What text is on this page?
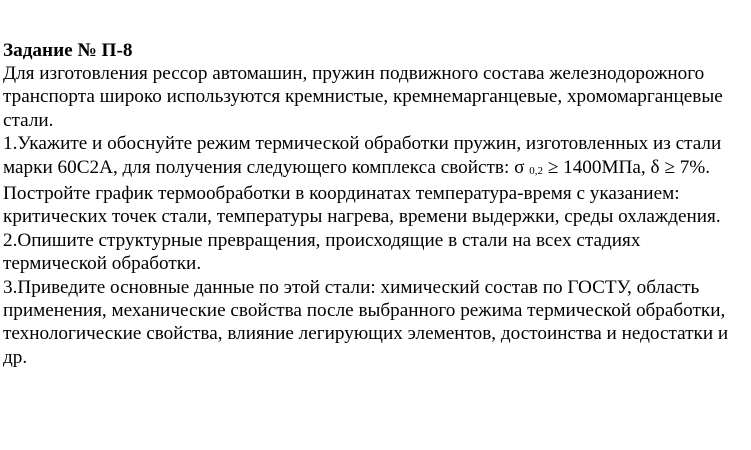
Задание № П-8

Для изготовления рессор автомашин, пружин подвижного состава железнодорожного транспорта широко используются кремнистые, кремнемарганцевые, хромомарганцевые стали.

1.Укажите и обоснуйте режим термической обработки пружин, изготовленных из стали марки 60С2А, для получения следующего комплекса свойств: σ 0,2 ≥ 1400МПа, δ ≥ 7%. Постройте график термообработки в координатах температура-время с указанием: критических точек стали, температуры нагрева, времени выдержки, среды охлаждения.

2.Опишите структурные превращения, происходящие в стали на всех стадиях термической обработки.

3.Приведите основные данные по этой стали: химический состав по ГОСТУ, область применения, механические свойства после выбранного режима термической обработки, технологические свойства, влияние легирующих элементов, достоинства и недостатки и др.
